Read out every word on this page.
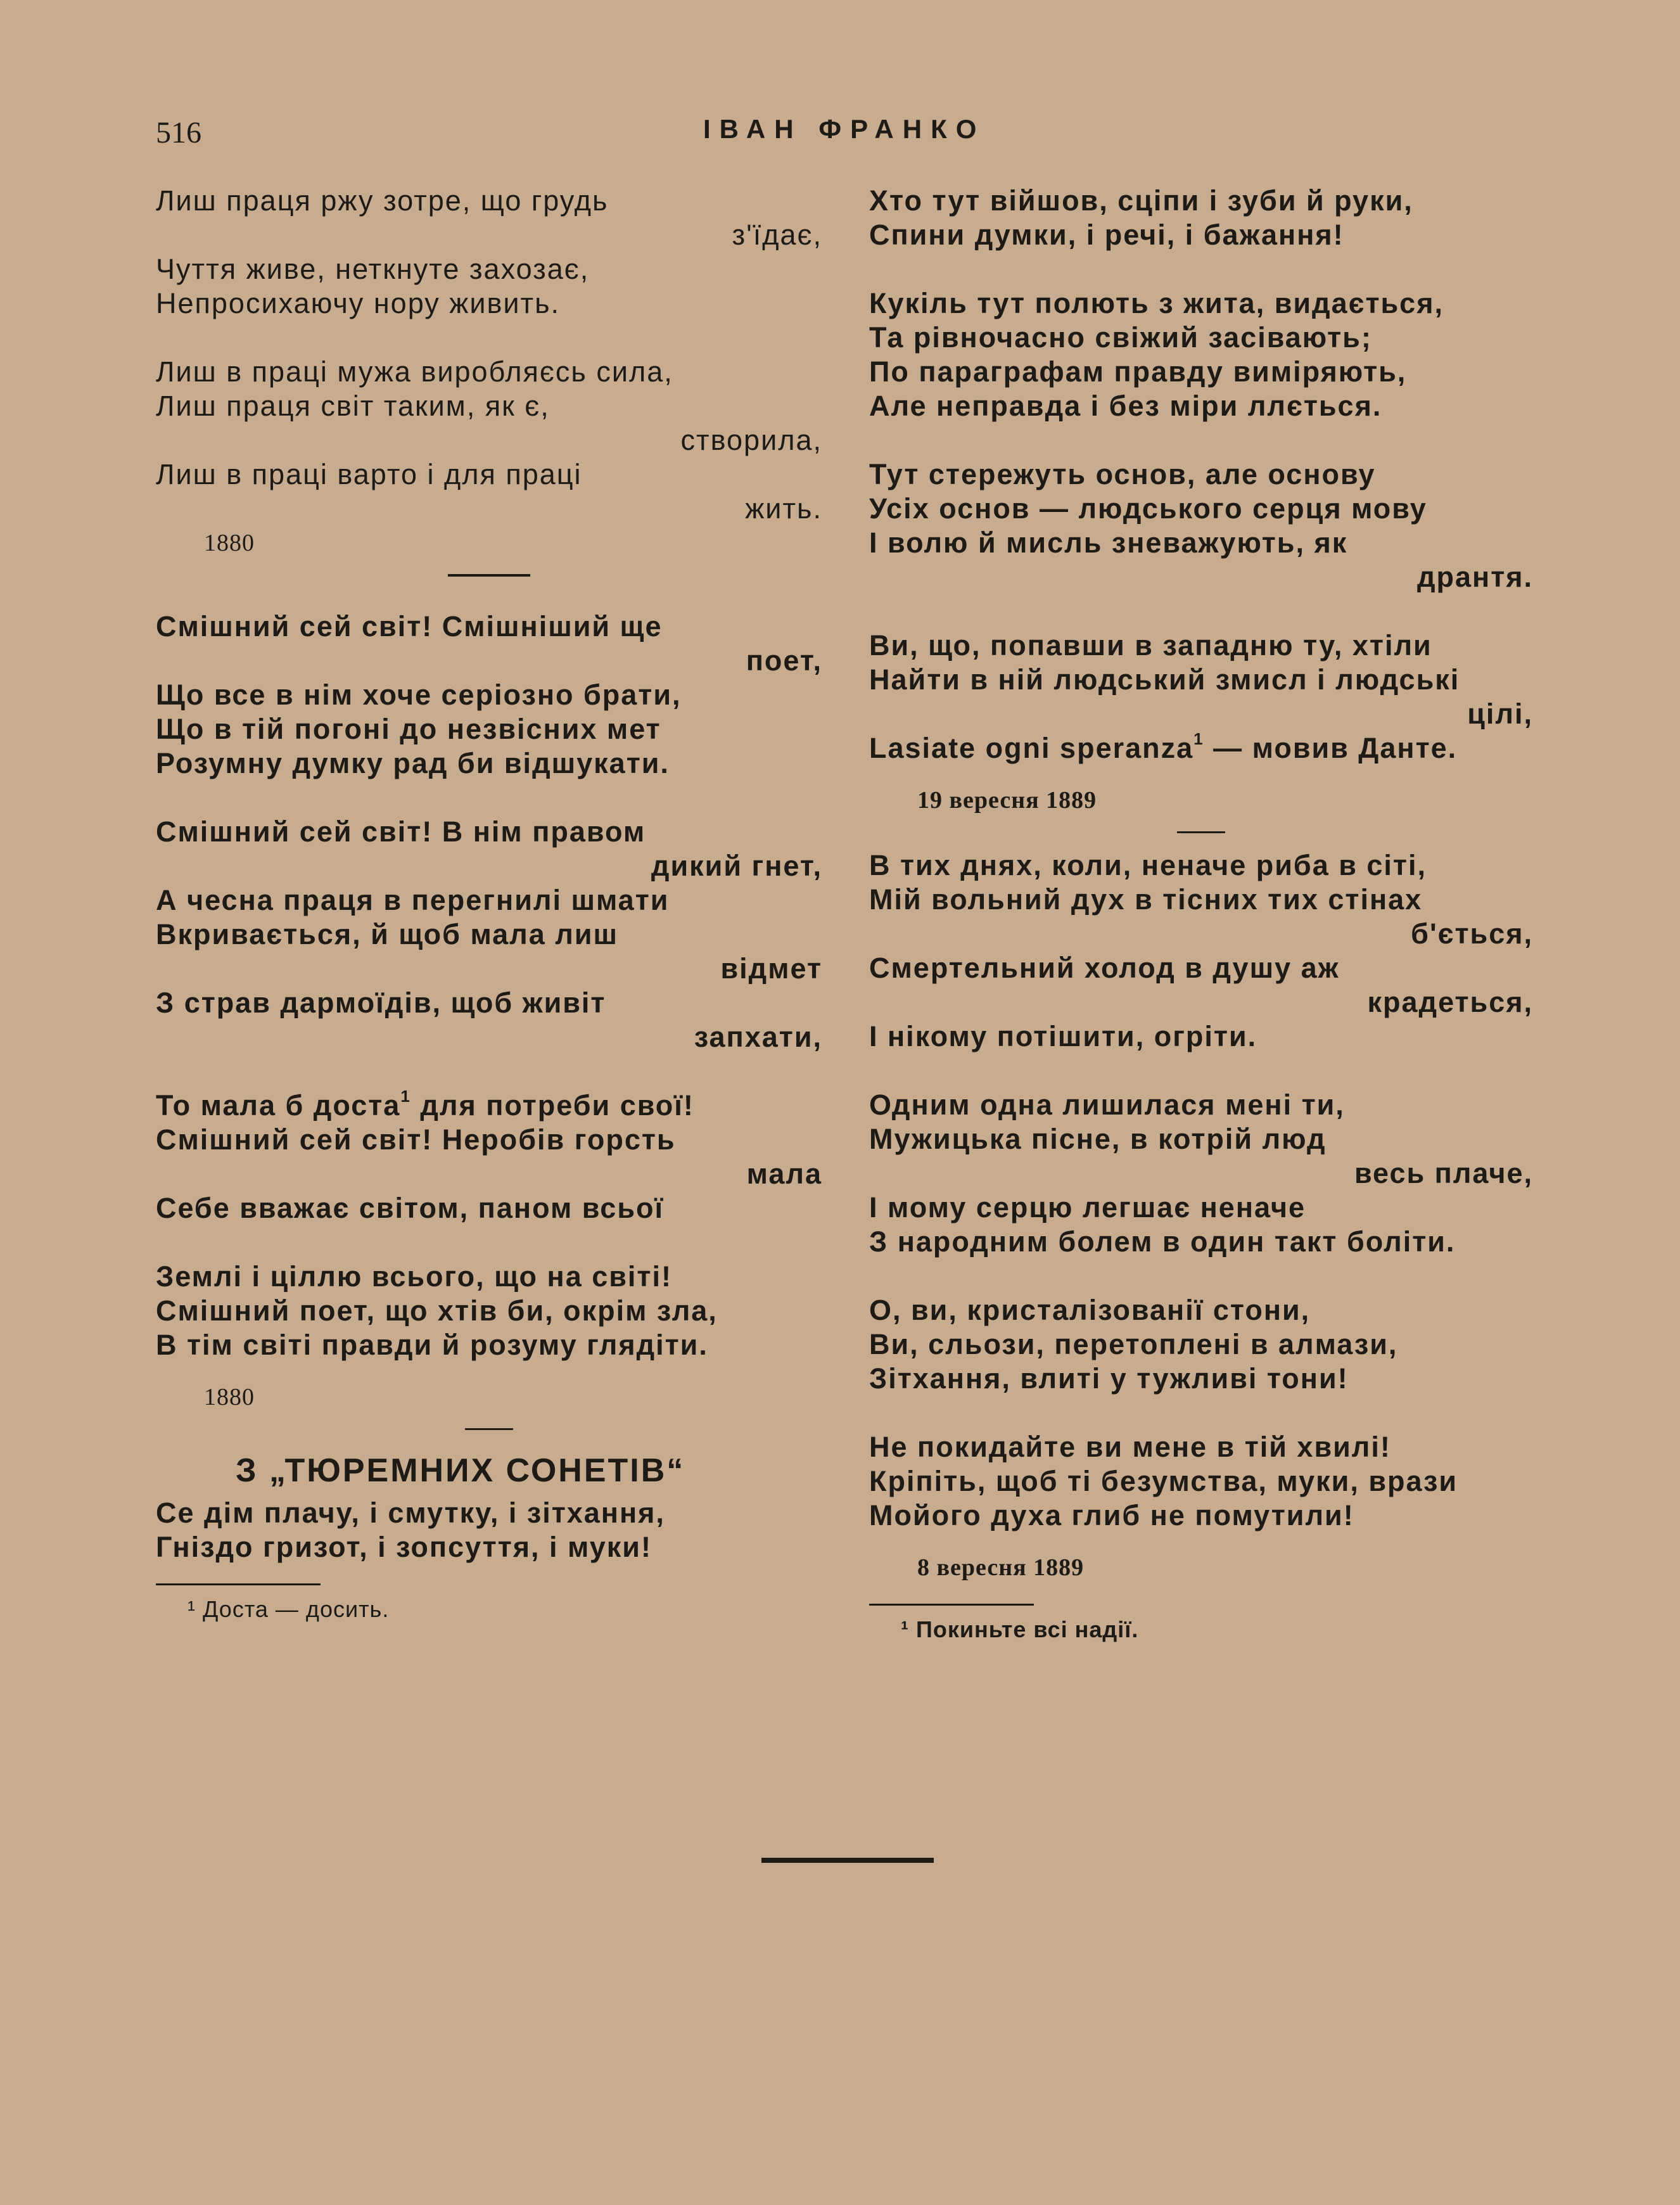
516	ІВАН ФРАНКО
Лиш праця ржу зотре, що грудь
з'їдає,
Чуття живе, неткнуте захозає,
Непросихаючу нору живить.
Лиш в праці мужа виробляєсь сила,
Лиш праця світ таким, як є,
створила,
Лиш в праці варто і для праці
жить.
1880
Смішний сей світ! Смішніший ще
поет,
Що все в нім хоче серіозно брати,
Що в тій погоні до незвісних мет
Розумну думку рад би відшукати.
Смішний сей світ! В нім правом
дикий гнет,
А чесна праця в перегнилі шмати
Вкривається, й щоб мала лиш
відмет
З страв дармоїдів, щоб живіт
запхати,
То мала б доста$^1$ для потреби свої!
Смішний сей світ! Неробів горсть
мала
Себе вважає світом, паном всьої
Землі і ціллю всього, що на світі!
Смішний поет, що хтів би, окрім зла,
В тім світі правди й розуму глядіти.
1880
З „ТЮРЕМНИХ СОНЕТІВ“
Се дім плачу, і смутку, і зітхання,
Гніздо гризот, і зопсуття, і муки!
¹ Доста — досить.
Хто тут війшов, сціпи і зуби й руки,
Спини думки, і речі, і бажання!
Кукіль тут полють з жита, видається,
Та рівночасно свіжий засівають;
По параграфам правду виміряють,
Але неправда і без міри ллється.
Тут стережуть основ, але основу
Усіх основ — людського серця мову
І волю й мисль зневажують, як
дрантя.
Ви, що, попавши в западню ту, хтіли
Найти в ній людський змисл і людські
цілі,
Lasiate ogni speranza$^1$ — мовив Данте.
19 вересня 1889
В тих днях, коли, неначе риба в сіті,
Мій вольний дух в тісних тих стінах
б'ється,
Смертельний холод в душу аж
крадеться,
І нікому потішити, огріти.
Одним одна лишилася мені ти,
Мужицька пісне, в котрій люд
весь плаче,
І мому серцю легшає неначе
З народним болем в один такт боліти.
О, ви, кристалізованії стони,
Ви, сльози, перетоплені в алмази,
Зітхання, влиті у тужливі тони!
Не покидайте ви мене в тій хвилі!
Кріпіть, щоб ті безумства, муки, врази
Мойого духа глиб не помутили!
8 вересня 1889
¹ Покиньте всі надії.
